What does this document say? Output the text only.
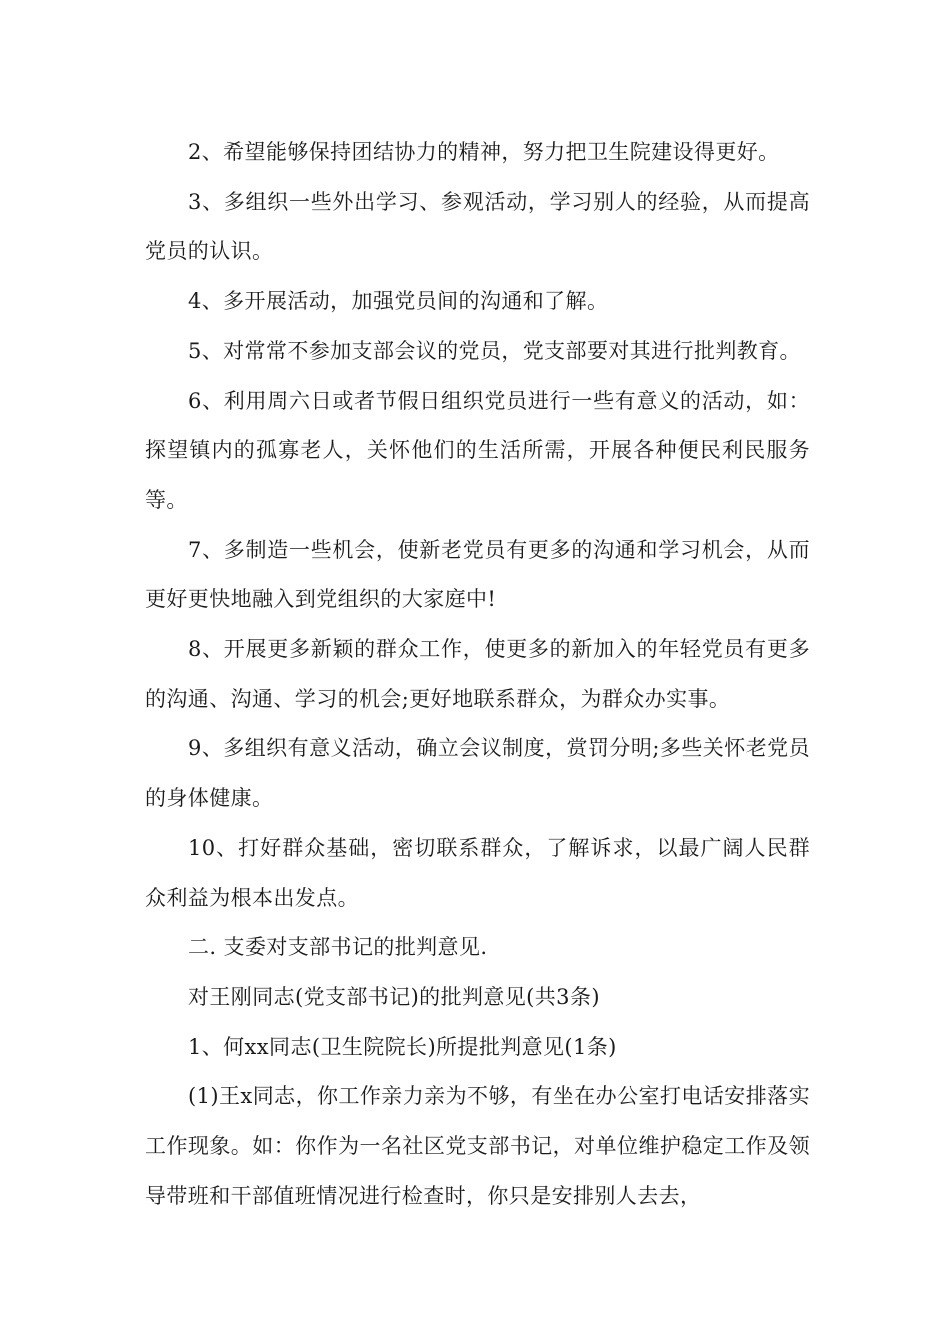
2、希望能够保持团结协力的精神，努力把卫生院建设得更好。

3、多组织一些外出学习、参观活动，学习别人的经验，从而提高党员的认识。

4、多开展活动，加强党员间的沟通和了解。

5、对常常不参加支部会议的党员，党支部要对其进行批判教育。

6、利用周六日或者节假日组织党员进行一些有意义的活动，如：探望镇内的孤寡老人，关怀他们的生活所需，开展各种便民利民服务等。

7、多制造一些机会，使新老党员有更多的沟通和学习机会，从而更好更快地融入到党组织的大家庭中!

8、开展更多新颖的群众工作，使更多的新加入的年轻党员有更多的沟通、沟通、学习的机会;更好地联系群众，为群众办实事。

9、多组织有意义活动，确立会议制度，赏罚分明;多些关怀老党员的身体健康。

10、打好群众基础，密切联系群众，了解诉求，以最广阔人民群众利益为根本出发点。

二. 支委对支部书记的批判意见.

对王刚同志(党支部书记)的批判意见(共3条)

1、何xx同志(卫生院院长)所提批判意见(1条)

(1)王x同志，你工作亲力亲为不够，有坐在办公室打电话安排落实工作现象。如：你作为一名社区党支部书记，对单位维护稳定工作及领导带班和干部值班情况进行检查时，你只是安排别人去去，
